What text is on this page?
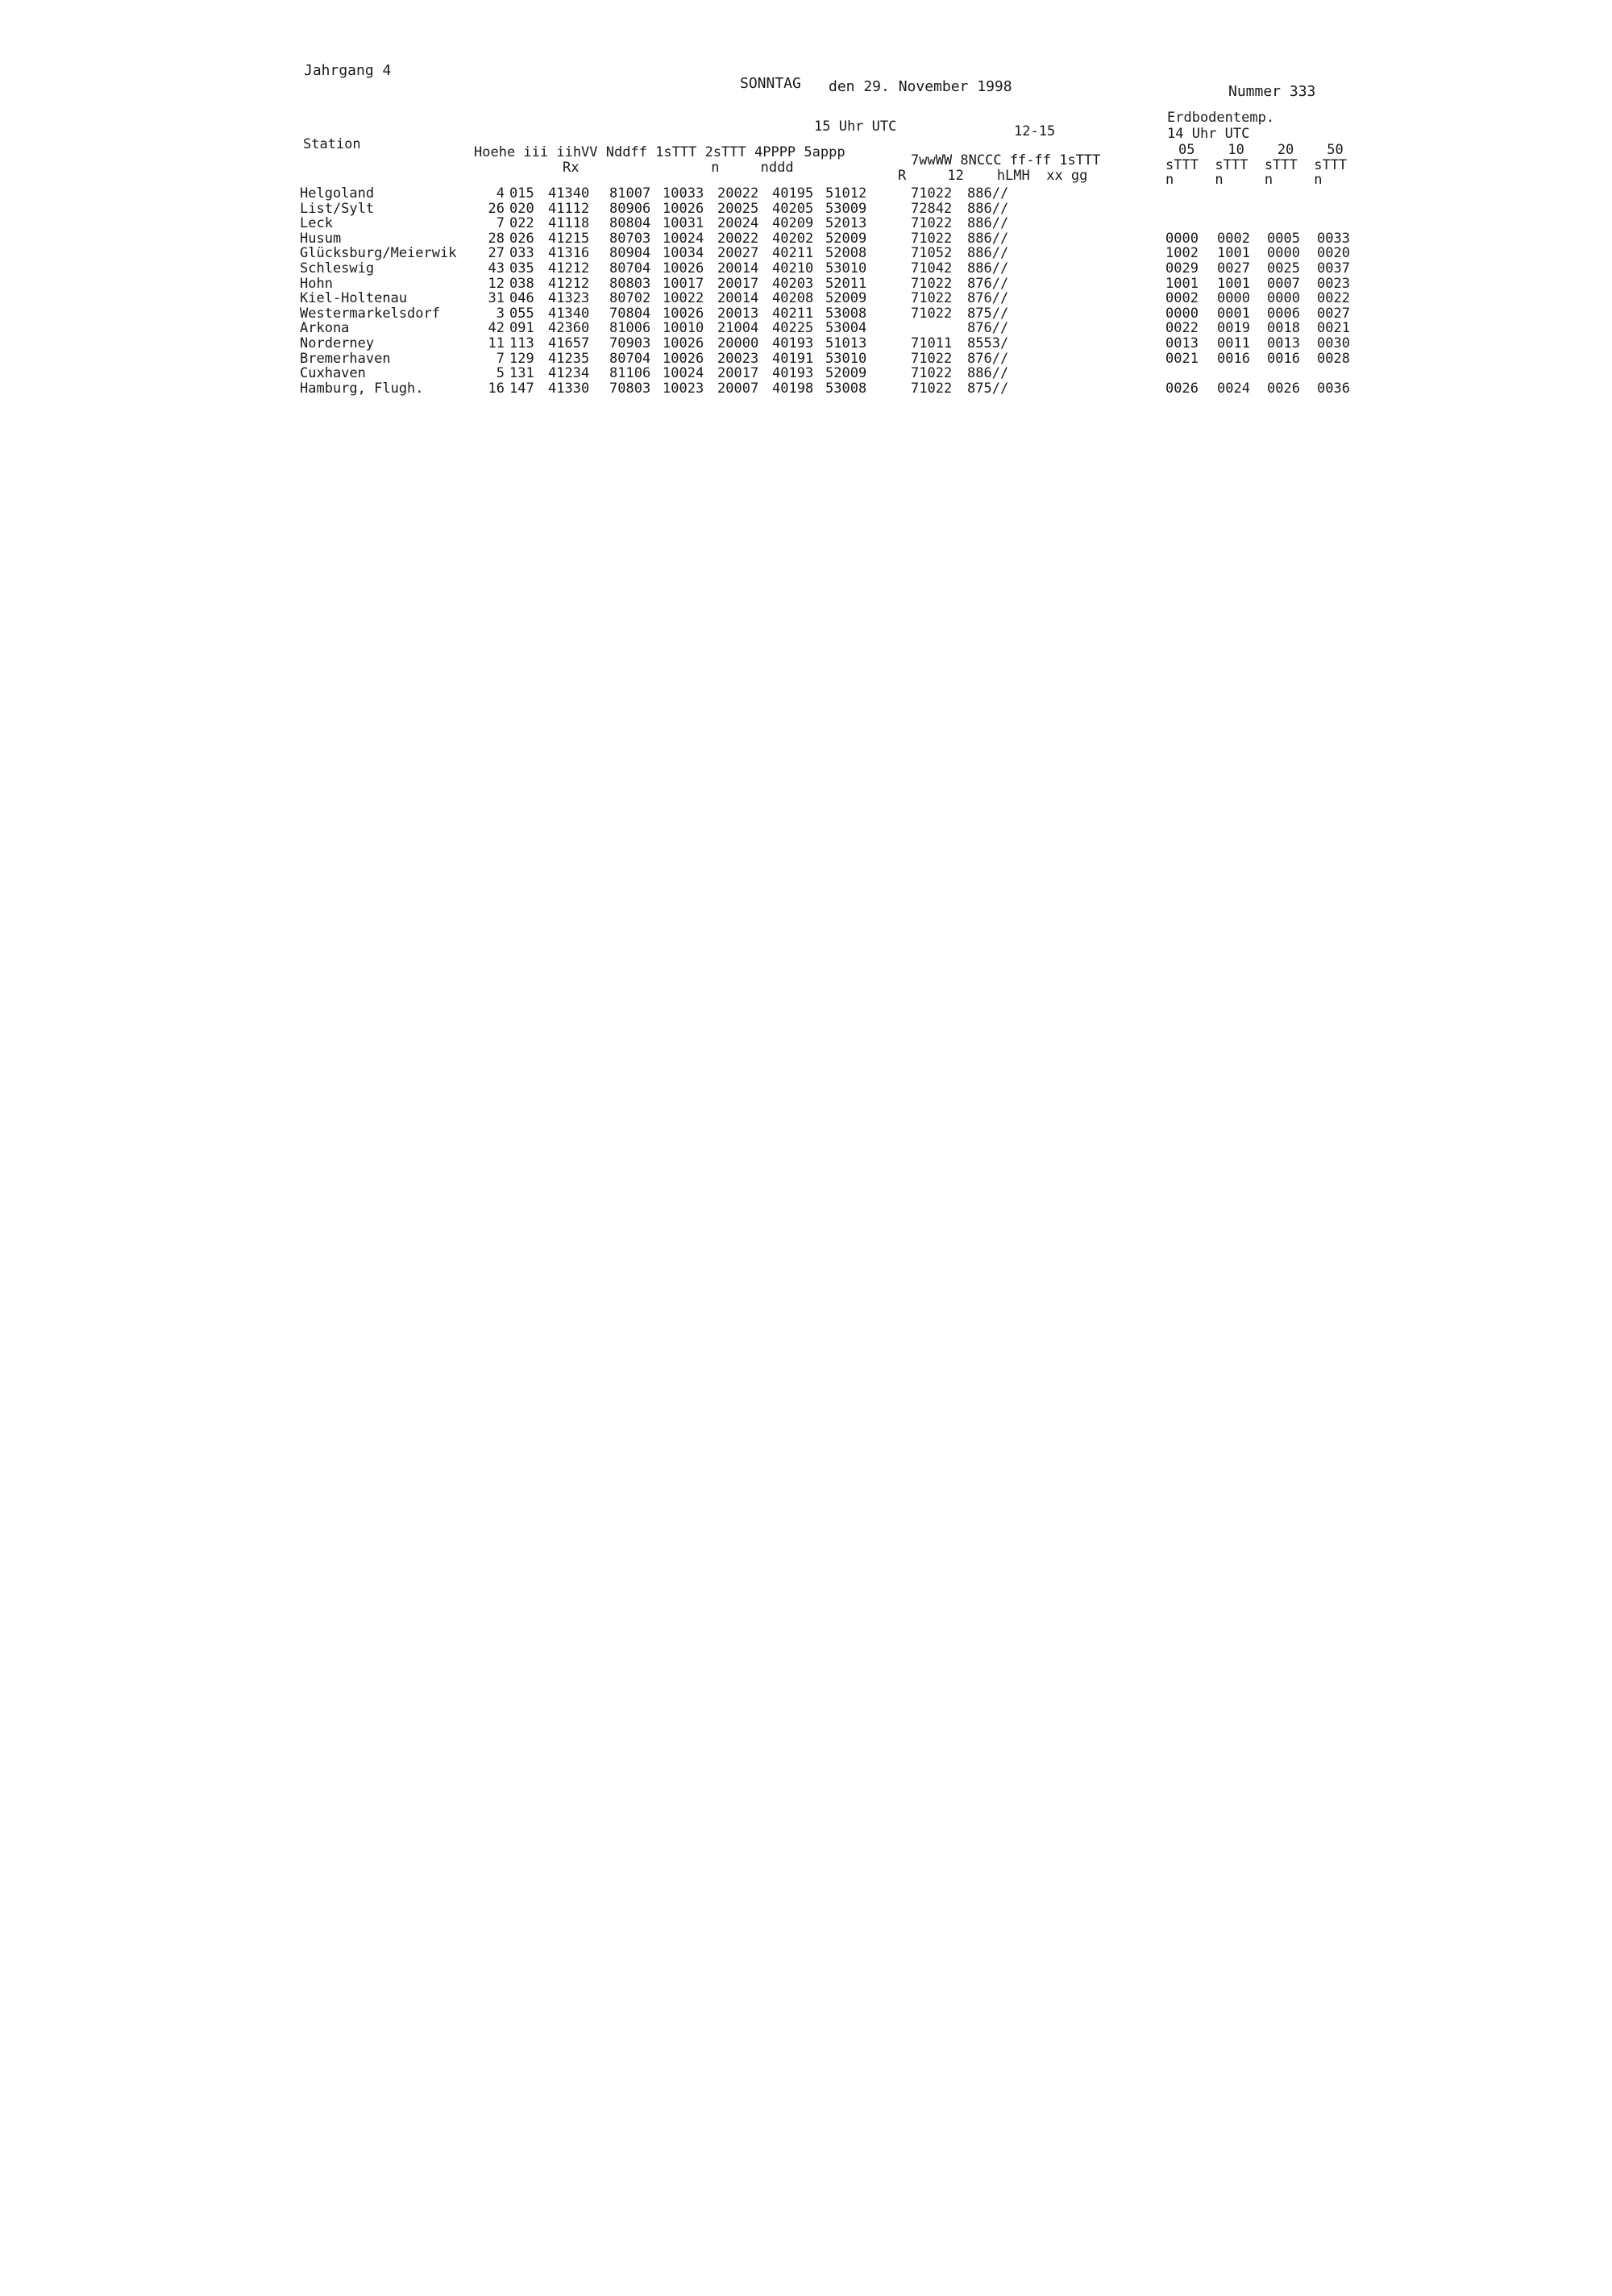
Jahrgang 4
SONNTAG den 29. November 1998	Nummer 333
15 Uhr UTC	12-15
Erdbodentemp.
14 Uhr UTC
05    10    20    50
sTTT  sTTT  sTTT  sTTT
n     n     n     n
Station	Hoehe iii iihVV Nddff 1sTTT 2sTTT 4PPPP 5appp
Rx                n     nddd	7wwWW 8NCCC ff-ff 1sTTT
R     12    hLMH  xx gg
Helgoland	4 015 41340 81007 10033 20022 40195 51012	71022 886//
List/Sylt	26 020 41112 80906 10026 20025 40205 53009	72842 886//
Leck	7 022 41118 80804 10031 20024 40209 52013	71022 886//
Husum	28 026 41215 80703 10024 20022 40202 52009	71022 886//	0000 0002 0005 0033
Glücksburg/Meierwik	27 033 41316 80904 10034 20027 40211 52008	71052 886//	1002 1001 0000 0020
Schleswig	43 035 41212 80704 10026 20014 40210 53010	71042 886//	0029 0027 0025 0037
Hohn	12 038 41212 80803 10017 20017 40203 52011	71022 876//	1001 1001 0007 0023
Kiel-Holtenau	31 046 41323 80702 10022 20014 40208 52009	71022 876//	0002 0000 0000 0022
Westermarkelsdorf	3 055 41340 70804 10026 20013 40211 53008	71022 875//	0000 0001 0006 0027
Arkona	42 091 42360 81006 10010 21004 40225 53004	876//	0022 0019 0018 0021
Norderney	11 113 41657 70903 10026 20000 40193 51013	71011 8553/	0013 0011 0013 0030
Bremerhaven	7 129 41235 80704 10026 20023 40191 53010	71022 876//	0021 0016 0016 0028
Cuxhaven	5 131 41234 81106 10024 20017 40193 52009	71022 886//
Hamburg, Flugh.	16 147 41330 70803 10023 20007 40198 53008	71022 875//	0026 0024 0026 0036
